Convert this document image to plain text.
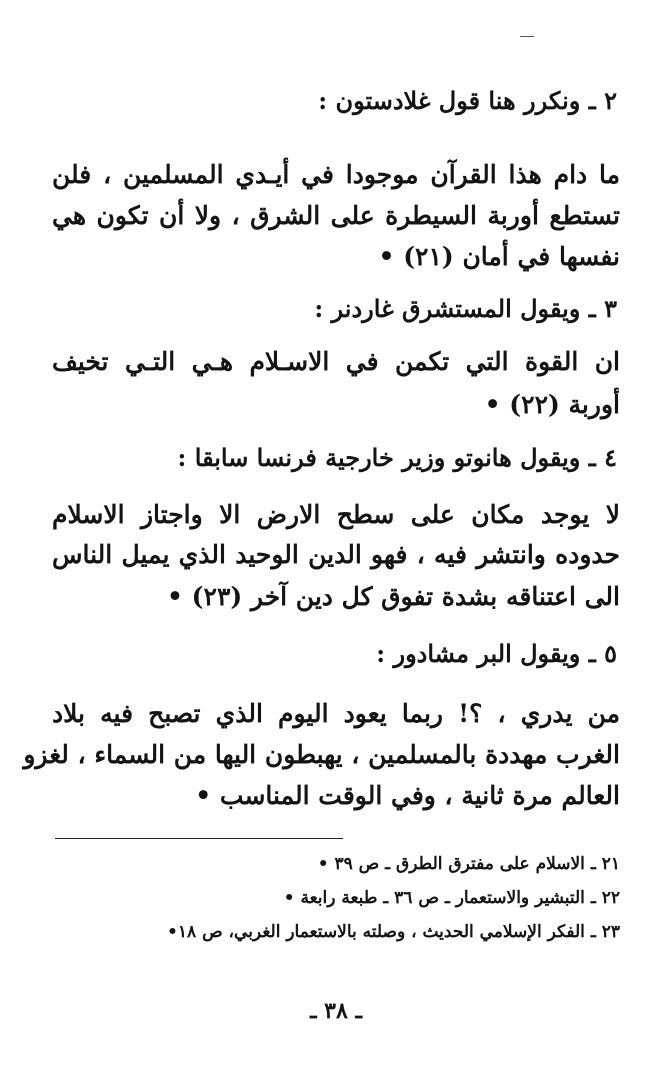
٢ ـ ونكرر هنا قول غلادستون :
ما دام هذا القرآن موجودا في أيـدي المسلمين ، فلن
تستطع أوربة السيطرة على الشرق ، ولا أن تكون هي
نفسها في أمان (٢١) •
٣ ـ ويقول المستشرق غاردنر :
ان القوة التي تكمن في الاسـلام هـي التـي تخيف
أوربة (٢٢) •
٤ ـ ويقول هانوتو وزير خارجية فرنسا سابقا :
لا يوجد مكان على سطح الارض الا واجتاز الاسلام
حدوده وانتشر فيه ، فهو الدين الوحيد الذي يميل الناس
الى اعتناقه بشدة تفوق كل دين آخر (٢٣) •
٥ ـ ويقول البر مشادور :
من يدري ، ؟! ربما يعود اليوم الذي تصبح فيه بلاد
الغرب مهددة بالمسلمين ، يهبطون اليها من السماء ، لغزو
العالم مرة ثانية ، وفي الوقت المناسب •
٢١ ـ الاسلام على مفترق الطرق ـ ص ٣٩ •
٢٢ ـ التبشير والاستعمار ـ ص ٣٦ ـ طبعة رابعة •
٢٣ ـ الفكر الإسلامي الحديث ، وصلته بالاستعمار الغربي، ص ١٨•
ـ ٣٨ ـ
